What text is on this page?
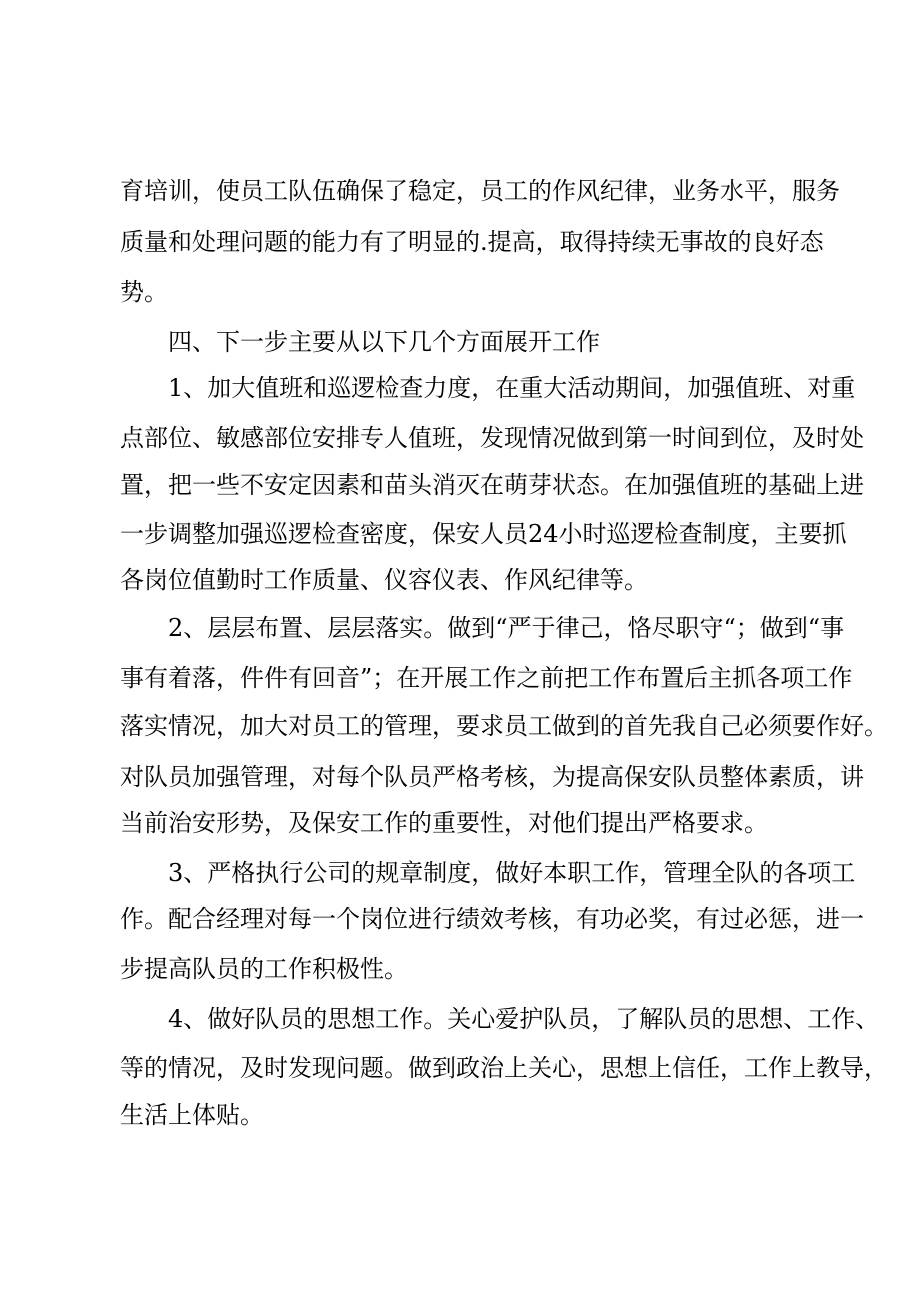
育培训，使员工队伍确保了稳定，员工的作风纪律，业务水平，服务

质量和处理问题的能力有了明显的.提高，取得持续无事故的良好态

势。

四、下一步主要从以下几个方面展开工作

1、加大值班和巡逻检查力度，在重大活动期间，加强值班、对重

点部位、敏感部位安排专人值班，发现情况做到第一时间到位，及时处

置，把一些不安定因素和苗头消灭在萌芽状态。在加强值班的基础上进

一步调整加强巡逻检查密度，保安人员24小时巡逻检查制度，主要抓

各岗位值勤时工作质量、仪容仪表、作风纪律等。

2、层层布置、层层落实。做到“严于律己，恪尽职守“；做到“事

事有着落，件件有回音”；在开展工作之前把工作布置后主抓各项工作

落实情况，加大对员工的管理，要求员工做到的首先我自己必须要作好。

对队员加强管理，对每个队员严格考核，为提高保安队员整体素质，讲

当前治安形势，及保安工作的重要性，对他们提出严格要求。

3、严格执行公司的规章制度，做好本职工作，管理全队的各项工

作。配合经理对每一个岗位进行绩效考核，有功必奖，有过必惩，进一

步提高队员的工作积极性。

4、做好队员的思想工作。关心爱护队员，了解队员的思想、工作、

等的情况，及时发现问题。做到政治上关心，思想上信任，工作上教导，

生活上体贴。
